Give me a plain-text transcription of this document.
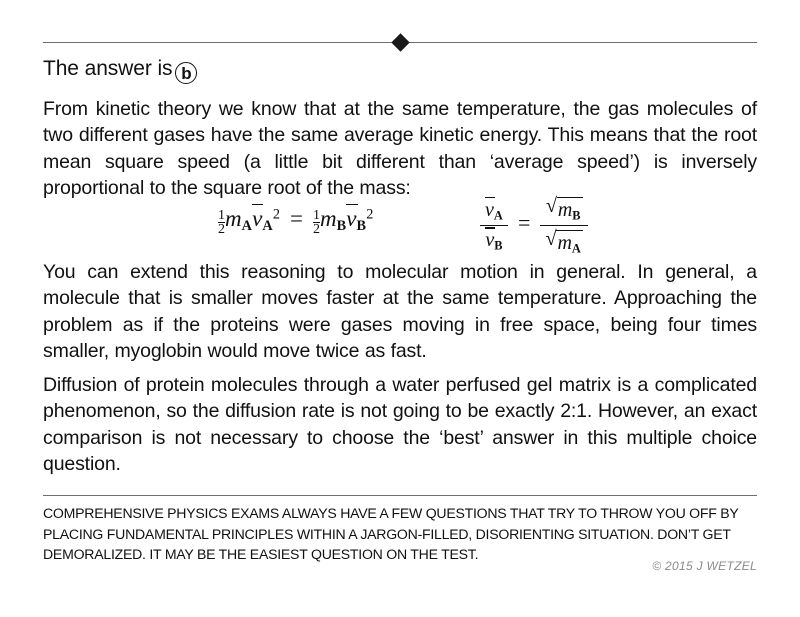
The answer is b
From kinetic theory we know that at the same temperature, the gas molecules of two different gases have the same average kinetic energy. This means that the root mean square speed (a little bit different than ‘average speed’) is inversely proportional to the square root of the mass:
$\frac{1}{2} m_Av_A^2 = \frac{1}{2} m_Bv_B^2$	$\frac{v_A}{v_B}$ = √ $m_B$
√ $m_A$
You can extend this reasoning to molecular motion in general. In general, a molecule that is smaller moves faster at the same temperature. Approaching the problem as if the proteins were gases moving in free space, being four times smaller, myoglobin would move twice as fast.
Diffusion of protein molecules through a water perfused gel matrix is a complicated phenomenon, so the diffusion rate is not going to be exactly 2:1. However, an exact comparison is not necessary to choose the ‘best’ answer in this multiple choice question.
COMPREHENSIVE PHYSICS EXAMS ALWAYS HAVE A FEW QUESTIONS THAT TRY TO THROW YOU OFF BY PLACING FUNDAMENTAL PRINCIPLES WITHIN A JARGON-FILLED, DISORIENTING SITUATION. DON’T GET DEMORALIZED. IT MAY BE THE EASIEST QUESTION ON THE TEST.
© 2015 J WETZEL
